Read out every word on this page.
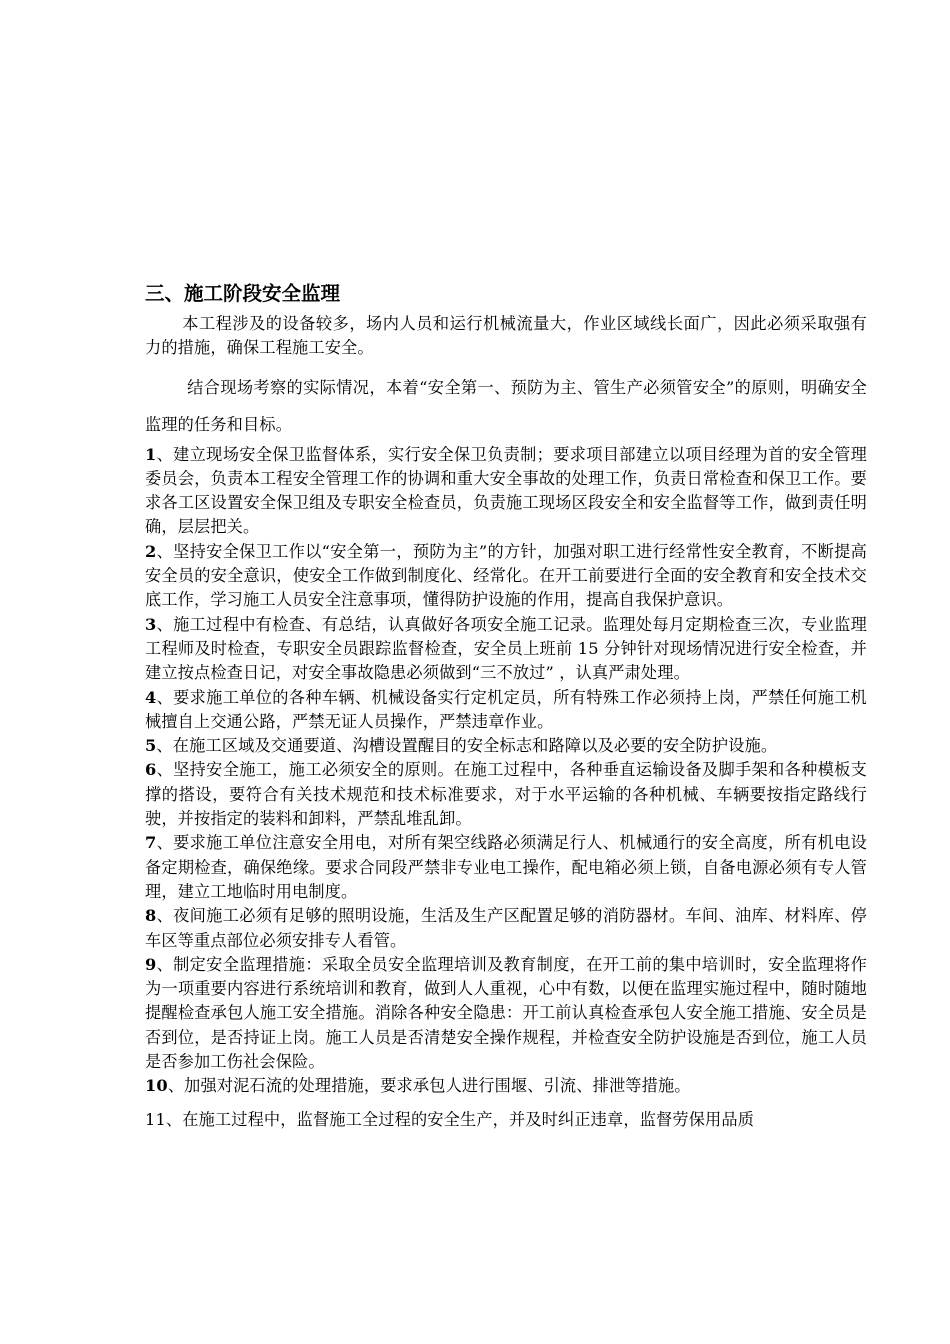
三、施工阶段安全监理

本工程涉及的设备较多，场内人员和运行机械流量大，作业区域线长面广，因此必须采取强有力的措施，确保工程施工安全。

结合现场考察的实际情况，本着“安全第一、预防为主、管生产必须管安全”的原则，明确安全监理的任务和目标。

1、建立现场安全保卫监督体系，实行安全保卫负责制；要求项目部建立以项目经理为首的安全管理委员会，负责本工程安全管理工作的协调和重大安全事故的处理工作，负责日常检查和保卫工作。要求各工区设置安全保卫组及专职安全检查员，负责施工现场区段安全和安全监督等工作，做到责任明确，层层把关。

2、坚持安全保卫工作以“安全第一，预防为主”的方针，加强对职工进行经常性安全教育，不断提高安全员的安全意识，使安全工作做到制度化、经常化。在开工前要进行全面的安全教育和安全技术交底工作，学习施工人员安全注意事项，懂得防护设施的作用，提高自我保护意识。

3、施工过程中有检查、有总结，认真做好各项安全施工记录。监理处每月定期检查三次，专业监理工程师及时检查，专职安全员跟踪监督检查，安全员上班前 15 分钟针对现场情况进行安全检查，并建立按点检查日记，对安全事故隐患必须做到“三不放过” ，认真严肃处理。

4、要求施工单位的各种车辆、机械设备实行定机定员，所有特殊工作必须持上岗，严禁任何施工机械擅自上交通公路，严禁无证人员操作，严禁违章作业。

5、在施工区域及交通要道、沟槽设置醒目的安全标志和路障以及必要的安全防护设施。

6、坚持安全施工，施工必须安全的原则。在施工过程中，各种垂直运输设备及脚手架和各种模板支撑的搭设，要符合有关技术规范和技术标准要求，对于水平运输的各种机械、车辆要按指定路线行驶，并按指定的装料和卸料，严禁乱堆乱卸。

7、要求施工单位注意安全用电，对所有架空线路必须满足行人、机械通行的安全高度，所有机电设备定期检查，确保绝缘。要求合同段严禁非专业电工操作，配电箱必须上锁，自备电源必须有专人管理，建立工地临时用电制度。

8、夜间施工必须有足够的照明设施，生活及生产区配置足够的消防器材。车间、油库、材料库、停车区等重点部位必须安排专人看管。

9、制定安全监理措施：采取全员安全监理培训及教育制度，在开工前的集中培训时，安全监理将作为一项重要内容进行系统培训和教育，做到人人重视，心中有数，以便在监理实施过程中，随时随地提醒检查承包人施工安全措施。消除各种安全隐患：开工前认真检查承包人安全施工措施、安全员是否到位，是否持证上岗。施工人员是否清楚安全操作规程，并检查安全防护设施是否到位，施工人员是否参加工伤社会保险。

10、加强对泥石流的处理措施，要求承包人进行围堰、引流、排泄等措施。

11、在施工过程中，监督施工全过程的安全生产，并及时纠正违章，监督劳保用品质
